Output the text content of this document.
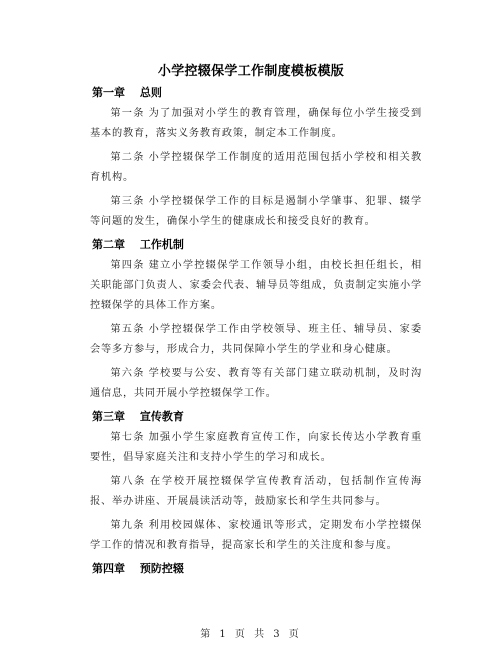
小学控辍保学工作制度模板模版
第一章　 总则

第一条 为了加强对小学生的教育管理，确保每位小学生接受到基本的教育，落实义务教育政策，制定本工作制度。

第二条 小学控辍保学工作制度的适用范围包括小学校和相关教育机构。

第三条 小学控辍保学工作的目标是遏制小学肇事、犯罪、辍学等问题的发生，确保小学生的健康成长和接受良好的教育。

第二章　 工作机制

第四条 建立小学控辍保学工作领导小组，由校长担任组长，相关职能部门负责人、家委会代表、辅导员等组成，负责制定实施小学控辍保学的具体工作方案。

第五条 小学控辍保学工作由学校领导、班主任、辅导员、家委会等多方参与，形成合力，共同保障小学生的学业和身心健康。

第六条 学校要与公安、教育等有关部门建立联动机制，及时沟通信息，共同开展小学控辍保学工作。

第三章　 宣传教育

第七条 加强小学生家庭教育宣传工作，向家长传达小学教育重要性，倡导家庭关注和支持小学生的学习和成长。

第八条 在学校开展控辍保学宣传教育活动，包括制作宣传海报、举办讲座、开展晨读活动等，鼓励家长和学生共同参与。

第九条 利用校园媒体、家校通讯等形式，定期发布小学控辍保学工作的情况和教育指导，提高家长和学生的关注度和参与度。

第四章　 预防控辍
第 1 页 共 3 页
